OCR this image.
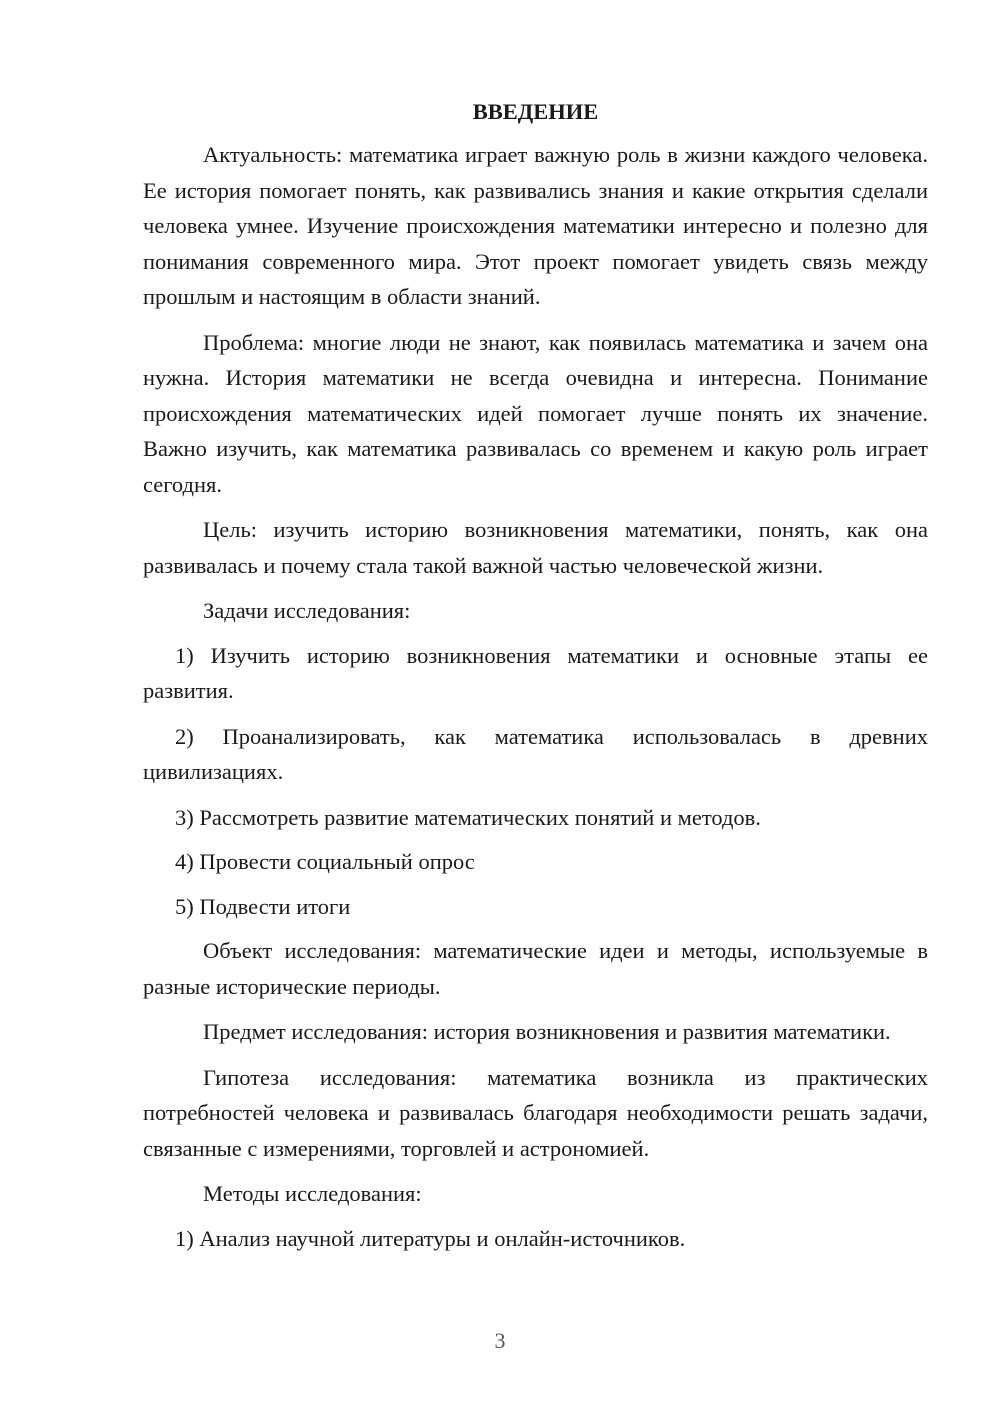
ВВЕДЕНИЕ

Актуальность: математика играет важную роль в жизни каждого человека. Ее история помогает понять, как развивались знания и какие открытия сделали человека умнее. Изучение происхождения математики интересно и полезно для понимания современного мира. Этот проект помогает увидеть связь между прошлым и настоящим в области знаний.

Проблема: многие люди не знают, как появилась математика и зачем она нужна. История математики не всегда очевидна и интересна. Понимание происхождения математических идей помогает лучше понять их значение. Важно изучить, как математика развивалась со временем и какую роль играет сегодня.

Цель: изучить историю возникновения математики, понять, как она развивалась и почему стала такой важной частью человеческой жизни.

Задачи исследования:

1) Изучить историю возникновения математики и основные этапы ее развития.

2) Проанализировать, как математика использовалась в древних цивилизациях.

3) Рассмотреть развитие математических понятий и методов.

4) Провести социальный опрос

5) Подвести итоги

Объект исследования: математические идеи и методы, используемые в разные исторические периоды.

Предмет исследования: история возникновения и развития математики.

Гипотеза исследования: математика возникла из практических потребностей человека и развивалась благодаря необходимости решать задачи, связанные с измерениями, торговлей и астрономией.

Методы исследования:

1) Анализ научной литературы и онлайн-источников.

3
